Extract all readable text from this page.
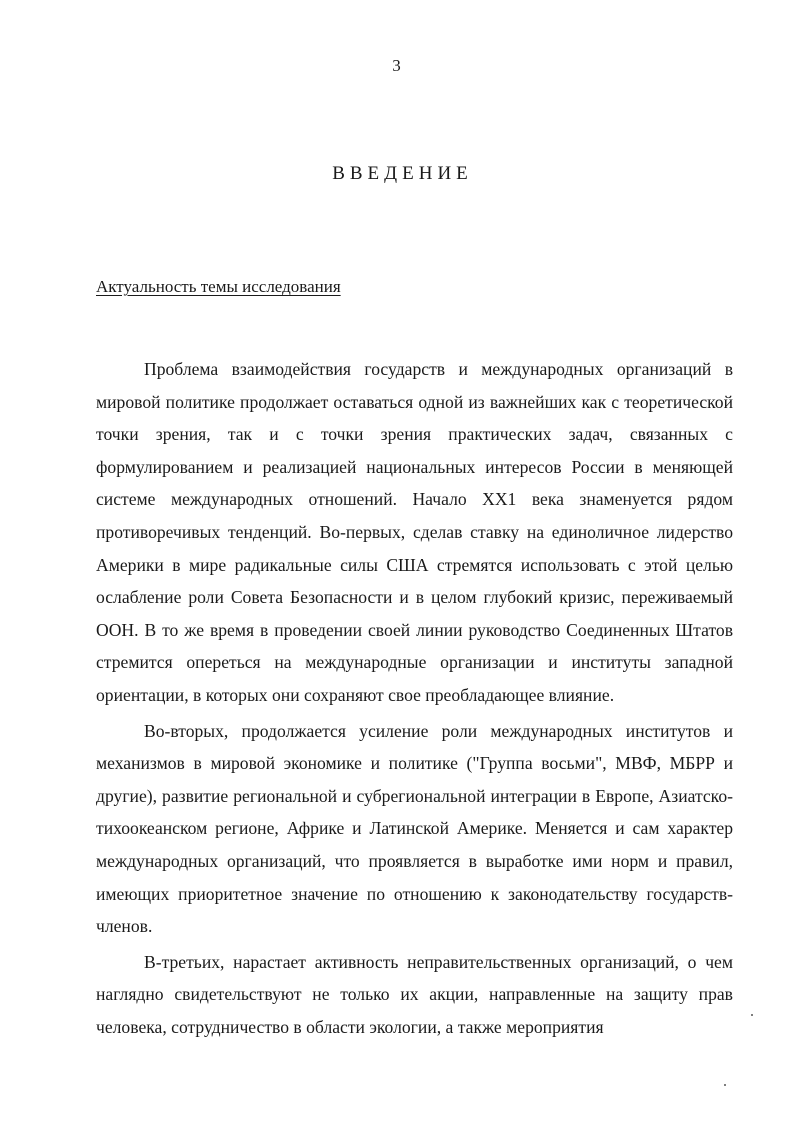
3
ВВЕДЕНИЕ
Актуальность темы исследования

Проблема взаимодействия государств и международных организаций в мировой политике продолжает оставаться одной из важнейших как с теоретической точки зрения, так и с точки зрения практических задач, связанных с формулированием и реализацией национальных интересов России в меняющей системе международных отношений. Начало ХХ1 века знаменуется рядом противоречивых тенденций. Во-первых, сделав ставку на единоличное лидерство Америки в мире радикальные силы США стремятся использовать с этой целью ослабление роли Совета Безопасности и в целом глубокий кризис, переживаемый ООН. В то же время в проведении своей линии руководство Соединенных Штатов стремится опереться на международные организации и институты западной ориентации, в которых они сохраняют свое преобладающее влияние.

Во-вторых, продолжается усиление роли международных институтов и механизмов в мировой экономике и политике ("Группа восьми", МВФ, МБРР и другие), развитие региональной и субрегиональной интеграции в Европе, Азиатско-тихоокеанском регионе, Африке и Латинской Америке. Меняется и сам характер международных организаций, что проявляется в выработке ими норм и правил, имеющих приоритетное значение по отношению к законодательству государств-членов.

В-третьих, нарастает активность неправительственных организаций, о чем наглядно свидетельствуют не только их акции, направленные на защиту прав человека, сотрудничество в области экологии, а также мероприятия
